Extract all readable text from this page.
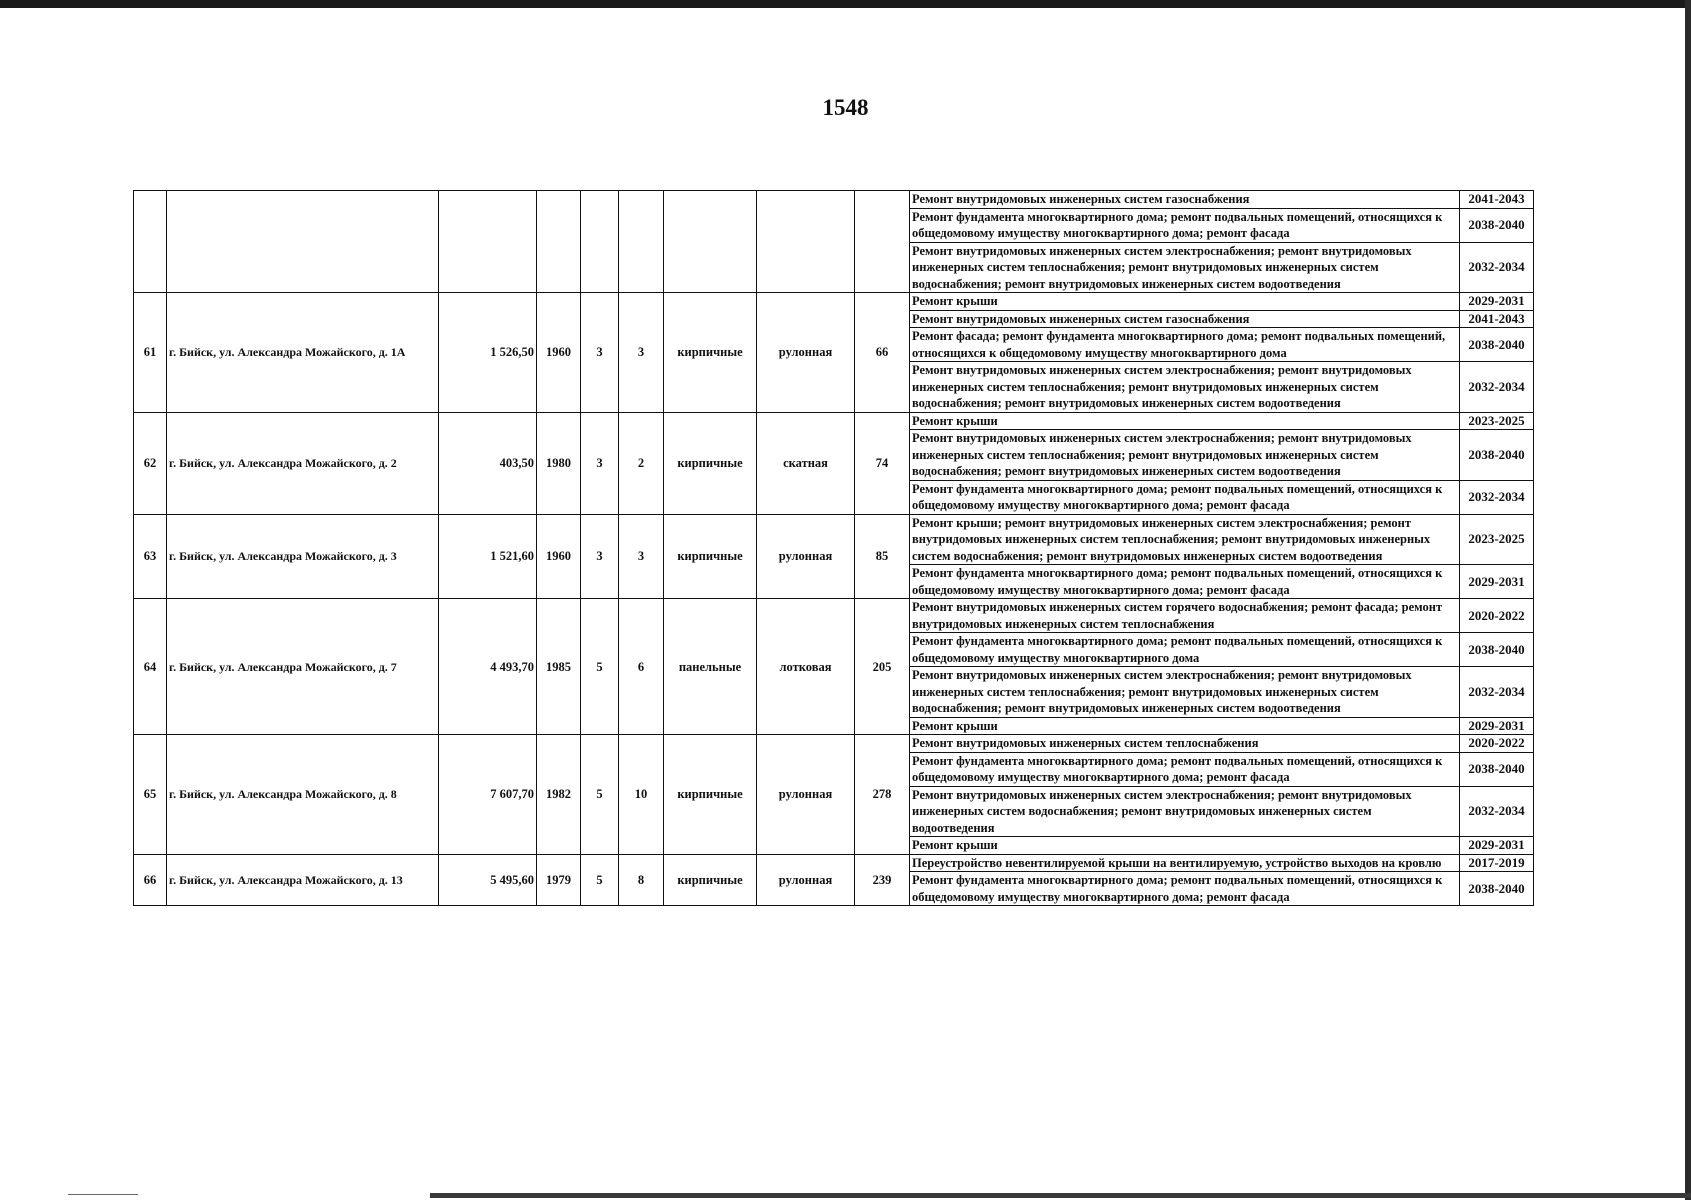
1548
									Ремонт внутридомовых инженерных систем газоснабжения	2041-2043
									Ремонт фундамента многоквартирного дома; ремонт подвальных помещений, относящихся к общедомовому имуществу многоквартирного дома; ремонт фасада	2038-2040
									Ремонт внутридомовых инженерных систем электроснабжения; ремонт внутридомовых инженерных систем теплоснабжения; ремонт внутридомовых инженерных систем водоснабжения; ремонт внутридомовых инженерных систем водоотведения	2032-2034
61	г. Бийск, ул. Александра Можайского, д. 1А	1 526,50	1960	3	3	кирпичные	рулонная	66	Ремонт крыши	2029-2031
									Ремонт внутридомовых инженерных систем газоснабжения	2041-2043
									Ремонт фасада; ремонт фундамента многоквартирного дома; ремонт подвальных помещений, относящихся к общедомовому имуществу многоквартирного дома	2038-2040
									Ремонт внутридомовых инженерных систем электроснабжения; ремонт внутридомовых инженерных систем теплоснабжения; ремонт внутридомовых инженерных систем водоснабжения; ремонт внутридомовых инженерных систем водоотведения	2032-2034
62	г. Бийск, ул. Александра Можайского, д. 2	403,50	1980	3	2	кирпичные	скатная	74	Ремонт крыши	2023-2025
									Ремонт внутридомовых инженерных систем электроснабжения; ремонт внутридомовых инженерных систем теплоснабжения; ремонт внутридомовых инженерных систем водоснабжения; ремонт внутридомовых инженерных систем водоотведения	2038-2040
									Ремонт фундамента многоквартирного дома; ремонт подвальных помещений, относящихся к общедомовому имуществу многоквартирного дома; ремонт фасада	2032-2034
63	г. Бийск, ул. Александра Можайского, д. 3	1 521,60	1960	3	3	кирпичные	рулонная	85	Ремонт крыши; ремонт внутридомовых инженерных систем электроснабжения; ремонт внутридомовых инженерных систем теплоснабжения; ремонт внутридомовых инженерных систем водоснабжения; ремонт внутридомовых инженерных систем водоотведения	2023-2025
									Ремонт фундамента многоквартирного дома; ремонт подвальных помещений, относящихся к общедомовому имуществу многоквартирного дома; ремонт фасада	2029-2031
64	г. Бийск, ул. Александра Можайского, д. 7	4 493,70	1985	5	6	панельные	лотковая	205	Ремонт внутридомовых инженерных систем горячего водоснабжения; ремонт фасада; ремонт внутридомовых инженерных систем теплоснабжения	2020-2022
									Ремонт фундамента многоквартирного дома; ремонт подвальных помещений, относящихся к общедомовому имуществу многоквартирного дома	2038-2040
									Ремонт внутридомовых инженерных систем электроснабжения; ремонт внутридомовых инженерных систем теплоснабжения; ремонт внутридомовых инженерных систем водоснабжения; ремонт внутридомовых инженерных систем водоотведения	2032-2034
									Ремонт крыши	2029-2031
65	г. Бийск, ул. Александра Можайского, д. 8	7 607,70	1982	5	10	кирпичные	рулонная	278	Ремонт внутридомовых инженерных систем теплоснабжения	2020-2022
									Ремонт фундамента многоквартирного дома; ремонт подвальных помещений, относящихся к общедомовому имуществу многоквартирного дома; ремонт фасада	2038-2040
									Ремонт внутридомовых инженерных систем электроснабжения; ремонт внутридомовых инженерных систем водоснабжения; ремонт внутридомовых инженерных систем водоотведения	2032-2034
									Ремонт крыши	2029-2031
66	г. Бийск, ул. Александра Можайского, д. 13	5 495,60	1979	5	8	кирпичные	рулонная	239	Переустройство невентилируемой крыши на вентилируемую, устройство выходов на кровлю	2017-2019
									Ремонт фундамента многоквартирного дома; ремонт подвальных помещений, относящихся к общедомовому имуществу многоквартирного дома; ремонт фасада	2038-2040
